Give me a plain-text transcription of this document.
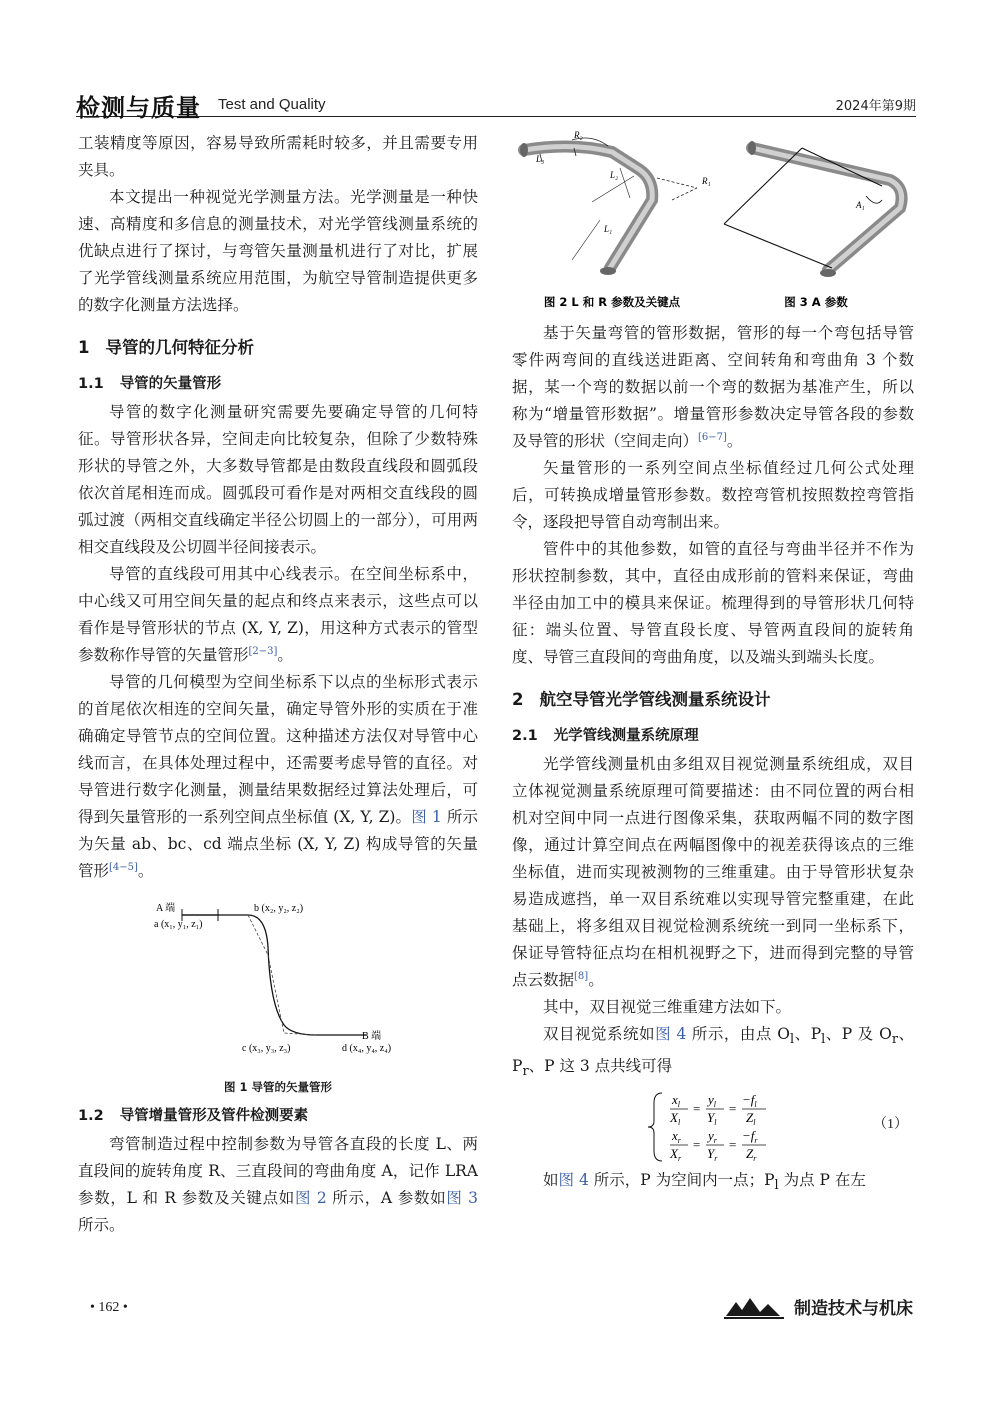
检测与质量 Test and Quality	2024年第9期
R₂
L₃
L₂
L₁
R₁
A₁
图 2 L 和 R 参数及关键点	图 3 A 参数

工装精度等原因，容易导致所需耗时较多，并且需要专用夹具。

本文提出一种视觉光学测量方法。光学测量是一种快速、高精度和多信息的测量技术，对光学管线测量系统的优缺点进行了探讨，与弯管矢量测量机进行了对比，扩展了光学管线测量系统应用范围，为航空导管制造提供更多的数字化测量方法选择。

1 导管的几何特征分析
1.1 导管的矢量管形

导管的数字化测量研究需要先要确定导管的几何特征。导管形状各异，空间走向比较复杂，但除了少数特殊形状的导管之外，大多数导管都是由数段直线段和圆弧段依次首尾相连而成。圆弧段可看作是对两相交直线段的圆弧过渡（两相交直线确定半径公切圆上的一部分），可用两相交直线段及公切圆半径间接表示。

导管的直线段可用其中心线表示。在空间坐标系中，中心线又可用空间矢量的起点和终点来表示，这些点可以看作是导管形状的节点 (X, Y, Z)，用这种方式表示的管型参数称作导管的矢量管形[2−3]。

导管的几何模型为空间坐标系下以点的坐标形式表示的首尾依次相连的空间矢量，确定导管外形的实质在于准确确定导管节点的空间位置。这种描述方法仅对导管中心线而言，在具体处理过程中，还需要考虑导管的直径。对导管进行数字化测量，测量结果数据经过算法处理后，可得到矢量管形的一系列空间点坐标值 (X, Y, Z)。图 1 所示为矢量 ab、bc、cd 端点坐标 (X, Y, Z) 构成导管的矢量管形[4−5]。

A 端
a (x₁, y₁, z₁)
b (x₂, y₂, z₂)
B 端
c (x₃, y₃, z₃)	d (x₄, y₄, z₄)
图 1 导管的矢量管形
1.2 导管增量管形及管件检测要素

弯管制造过程中控制参数为导管各直段的长度 L、两直段间的旋转角度 R、三直段间的弯曲角度 A，记作 LRA 参数，L 和 R 参数及关键点如图 2 所示，A 参数如图 3 所示。

基于矢量弯管的管形数据，管形的每一个弯包括导管零件两弯间的直线送进距离、空间转角和弯曲角 3 个数据，某一个弯的数据以前一个弯的数据为基准产生，所以称为“增量管形数据”。增量管形参数决定导管各段的参数及导管的形状（空间走向）[6−7]。

矢量管形的一系列空间点坐标值经过几何公式处理后，可转换成增量管形参数。数控弯管机按照数控弯管指令，逐段把导管自动弯制出来。

管件中的其他参数，如管的直径与弯曲半径并不作为形状控制参数，其中，直径由成形前的管料来保证，弯曲半径由加工中的模具来保证。梳理得到的导管形状几何特征：端头位置、导管直段长度、导管两直段间的旋转角度、导管三直段间的弯曲角度，以及端头到端头长度。

2 航空导管光学管线测量系统设计
2.1 光学管线测量系统原理

光学管线测量机由多组双目视觉测量系统组成，双目立体视觉测量系统原理可简要描述：由不同位置的两台相机对空间中同一点进行图像采集，获取两幅不同的数字图像，通过计算空间点在两幅图像中的视差获得该点的三维坐标值，进而实现被测物的三维重建。由于导管形状复杂易造成遮挡，单一双目系统难以实现导管完整重建，在此基础上，将多组双目视觉检测系统统一到同一坐标系下，保证导管特征点均在相机视野之下，进而得到完整的导管点云数据[8]。

其中，双目视觉三维重建方法如下。

双目视觉系统如图 4 所示，由点 $O_l$、$P_l$、P 及 $O_r$、$P_r$、P 这 3 点共线可得

$x_l$
$X_l$
=
$y_l$
$Y_l$
=
$-f_l$
$Z_l$
$x_r$
$X_r$
=
$y_r$
$Y_r$
=
$-f_r$
$Z_r$
（1）

如图 4 所示，P 为空间内一点；$P_l$ 为点 P 在左

• 162 •	制造技术与机床
